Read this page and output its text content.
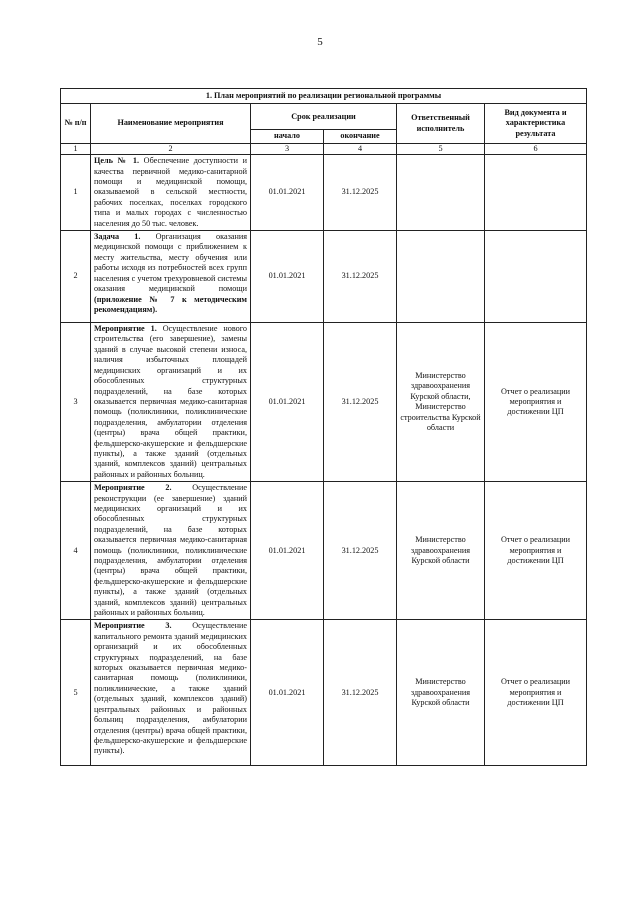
5
1. План мероприятий по реализации региональной программы					
№ п/п	Наименование мероприятия	Срок реализации		Ответственный исполнитель	Вид документа и характеристика результата
		начало	окончание		
1	2	3	4	5	6
1	Цель № 1. Обеспечение доступности и качества первичной медико-санитарной помощи и медицинской помощи, оказываемой в сельской местности, рабочих поселках, поселках городского типа и малых городах с численностью населения до 50 тыс. человек.	01.01.2021	31.12.2025		
2	Задача 1. Организация оказания медицинской помощи с приближением к месту жительства, месту обучения или работы исходя из потребностей всех групп населения с учетом трехуровневой системы оказания медицинской помощи (приложение № 7 к методическим рекомендациям).	01.01.2021	31.12.2025		
3	Мероприятие 1. Осуществление нового строительства (его завершение), замены зданий в случае высокой степени износа, наличия избыточных площадей медицинских организаций и их обособленных структурных подразделений, на базе которых оказывается первичная медико-санитарная помощь (поликлиники, поликлинические подразделения, амбулатории отделения (центры) врача общей практики, фельдшерско-акушерские и фельдшерские пункты), а также зданий (отдельных зданий, комплексов зданий) центральных районных и районных больниц.	01.01.2021	31.12.2025	Министерство здравоохранения Курской области, Министерство строительства Курской области	Отчет о реализации мероприятия и достижении ЦП
4	Мероприятие 2. Осуществление реконструкции (ее завершение) зданий медицинских организаций и их обособленных структурных подразделений, на базе которых оказывается первичная медико-санитарная помощь (поликлиники, поликлинические подразделения, амбулатории отделения (центры) врача общей практики, фельдшерско-акушерские и фельдшерские пункты), а также зданий (отдельных зданий, комплексов зданий) центральных районных и районных больниц.	01.01.2021	31.12.2025	Министерство здравоохранения Курской области	Отчет о реализации мероприятия и достижении ЦП
5	Мероприятие 3. Осуществление капитального ремонта зданий медицинских организаций и их обособленных структурных подразделений, на базе которых оказывается первичная медико-санитарная помощь (поликлиники, поликлинические, а также зданий (отдельных зданий, комплексов зданий) центральных районных и районных больниц подразделения, амбулатории отделения (центры) врача общей практики, фельдшерско-акушерские и фельдшерские пункты).	01.01.2021	31.12.2025	Министерство здравоохранения Курской области	Отчет о реализации мероприятия и достижении ЦП
